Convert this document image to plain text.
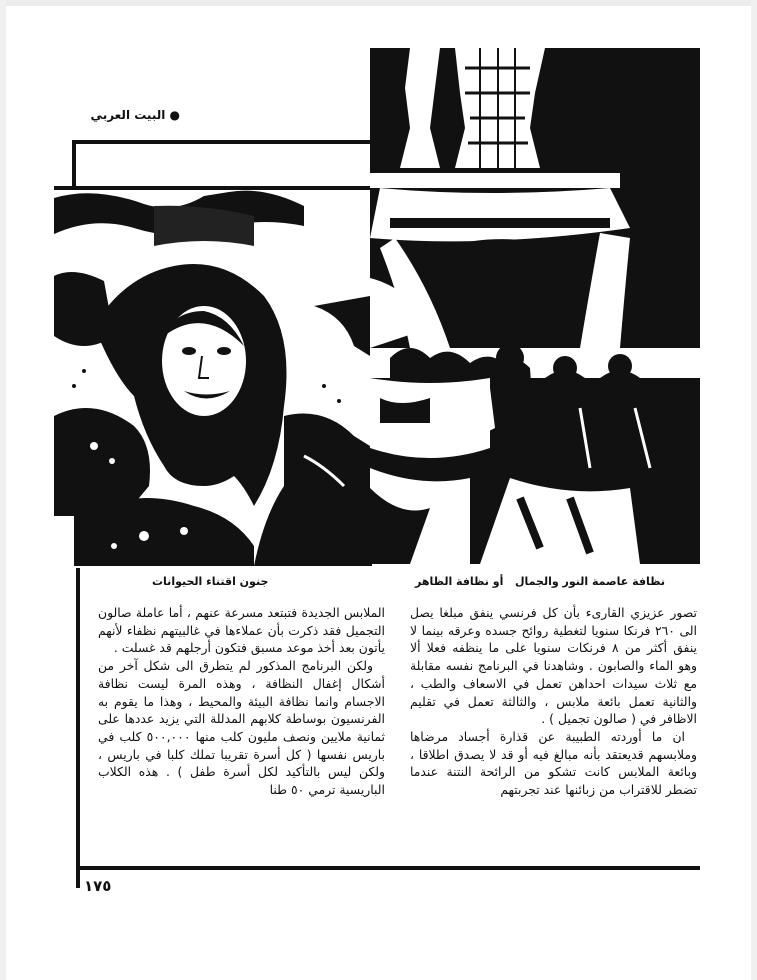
● البيت العربي
جنون اقتناء الحيوانات	نظافة عاصمة النور والجمال
أو نظافة الظاهر

تصور عزيزي القارىء بأن كل فرنسي ينفق مبلغا يصل الى ٢٦٠ فرنكا سنويا لتغطية روائح جسده وعرقه بينما لا ينفق أكثر من ٨ فرنكات سنويا على ما ينظفه فعلا ألا وهو الماء والصابون . وشاهدنا في البرنامج نفسه مقابلة مع ثلاث سيدات احداهن تعمل في الاسعاف والطب ، والثانية تعمل بائعة ملابس ، والثالثة تعمل في تقليم الاظافر في ( صالون تجميل ) .

ان ما أوردته الطبيبة عن قذارة أجساد مرضاها وملابسهم قديعتقد بأنه مبالغ فيه أو قد لا يصدق اطلاقا ، وبائعة الملابس كانت تشكو من الرائحة النتنة عندما تضطر للاقتراب من زبائنها عند تجربتهم

الملابس الجديدة فتبتعد مسرعة عنهم ، أما عاملة صالون التجميل فقد ذكرت بأن عملاءها في غالبيتهم نظفاء لأنهم يأتون بعد أخذ موعد مسبق فتكون أرجلهم قد غسلت .

ولكن البرنامج المذكور لم يتطرق الى شكل آخر من أشكال إغفال النظافة ، وهذه المرة ليست نظافة الاجسام وانما نظافة البيئة والمحيط ، وهذا ما يقوم به الفرنسيون بوساطة كلابهم المدللة التي يزيد عددها على ثمانية ملايين ونصف مليون كلب منها ٥٠٠,٠٠٠ كلب في باريس نفسها ( كل أسرة تقريبا تملك كلبا في باريس ، ولكن ليس بالتأكيد لكل أسرة طفل ) . هذه الكلاب الباريسية ترمي ٥٠ طنا

١٧٥
